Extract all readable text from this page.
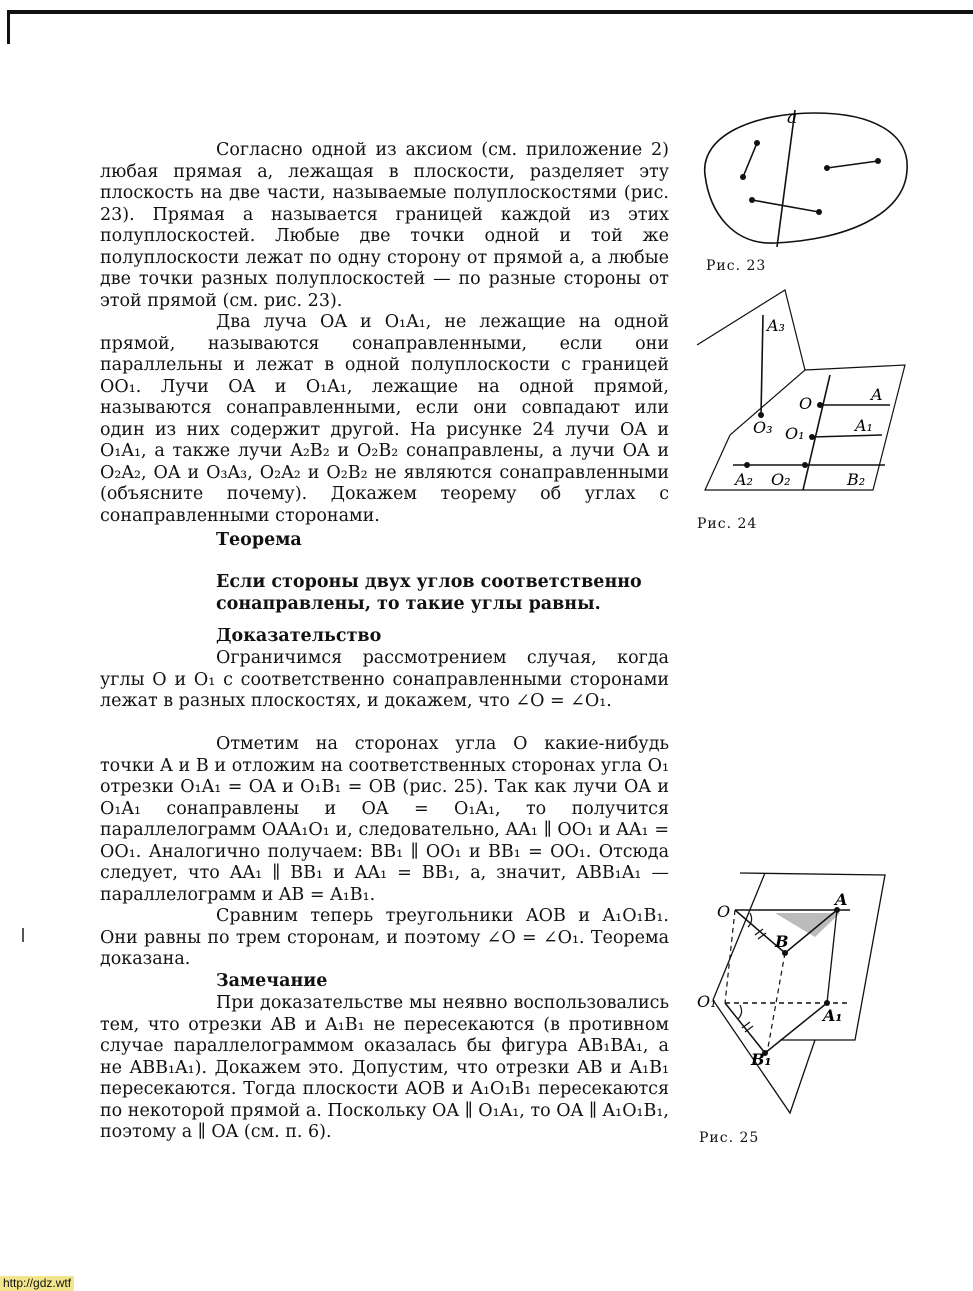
Согласно одной из аксиом (см. приложение 2) любая прямая a, лежащая в плоскости, разделяет эту плоскость на две части, называемые полуплоскостями (рис. 23). Прямая a называется границей каждой из этих полуплоскостей. Любые две точки одной и той же полуплоскости лежат по одну сторону от прямой a, а любые две точки разных полуплоскостей — по разные стороны от этой прямой (см. рис. 23).

Два луча OA и O₁A₁, не лежащие на одной прямой, называются сонаправленными, если они параллельны и лежат в одной полуплоскости с границей OO₁. Лучи OA и O₁A₁, лежащие на одной прямой, называются сонаправленными, если они совпадают или один из них содержит другой. На рисунке 24 лучи OA и O₁A₁, а также лучи A₂B₂ и O₂B₂ сонаправлены, а лучи OA и O₂A₂, OA и O₃A₃, O₂A₂ и O₂B₂ не являются сонаправленными (объясните почему). Докажем теорему об углах с сонаправленными сторонами.

Теорема
Если стороны двух углов соответственно сонаправлены, то такие углы равны.
Доказательство

Ограничимся рассмотрением случая, когда углы O и O₁ с соответственно сонаправленными сторонами лежат в разных плоскостях, и докажем, что ∠O = ∠O₁.

Отметим на сторонах угла O какие-нибудь точки A и B и отложим на соответственных сторонах угла O₁ отрезки O₁A₁ = OA и O₁B₁ = OB (рис. 25). Так как лучи OA и O₁A₁ сонаправлены и OA = O₁A₁, то получится параллелограмм OAA₁O₁ и, следовательно, AA₁ ∥ OO₁ и AA₁ = OO₁. Аналогично получаем: BB₁ ∥ OO₁ и BB₁ = OO₁. Отсюда следует, что AA₁ ∥ BB₁ и AA₁ = BB₁, а, значит, ABB₁A₁ — параллелограмм и AB = A₁B₁.

Сравним теперь треугольники AOB и A₁O₁B₁. Они равны по трем сторонам, и поэтому ∠O = ∠O₁. Теорема доказана.

Замечание

При доказательстве мы неявно воспользовались тем, что отрезки AB и A₁B₁ не пересекаются (в противном случае параллелограммом оказалась бы фигура AB₁BA₁, а не ABB₁A₁). Докажем это. Допустим, что отрезки AB и A₁B₁ пересекаются. Тогда плоскости AOB и A₁O₁B₁ пересекаются по некоторой прямой a. Поскольку OA ∥ O₁A₁, то OA ∥ A₁O₁B₁, поэтому a ∥ OA (см. п. 6).

a
Рис. 23
A₃
O	A
O₃ O₁	A₁
A₂ O₂	B₂
Рис. 24
O
A
B
O₁
A₁
B₁
Рис. 25
http://gdz.wtf
